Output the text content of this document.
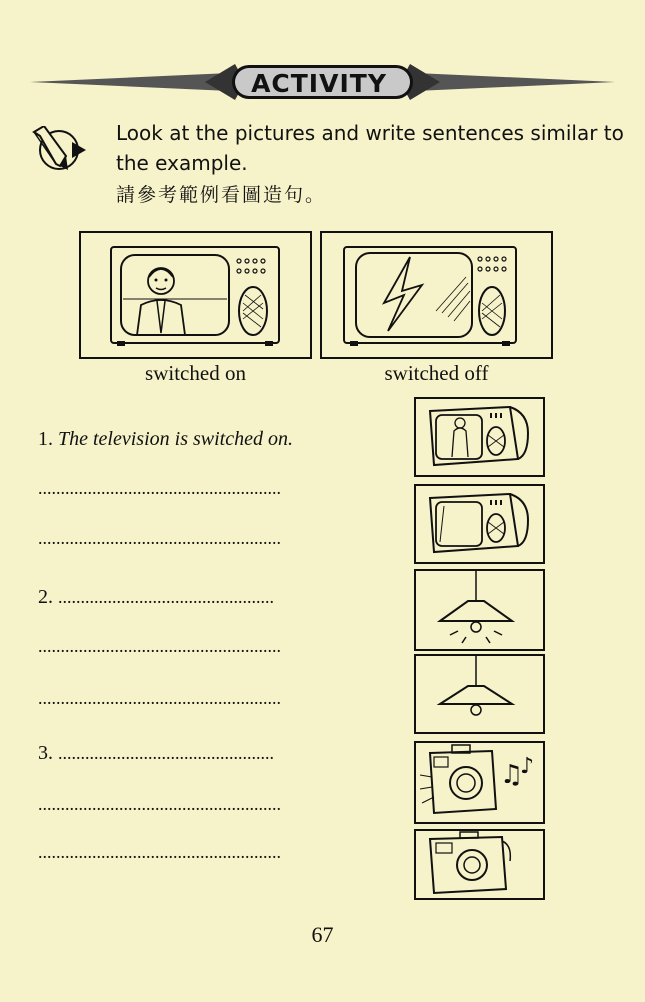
ACTIVITY
Look at the pictures and write sentences similar to
the example.
請參考範例看圖造句。
switched on	switched off
1. The television is switched on.
......................................................
......................................................
2. ................................................
......................................................
......................................................
3. ................................................
......................................................
......................................................
♫
♪
67
